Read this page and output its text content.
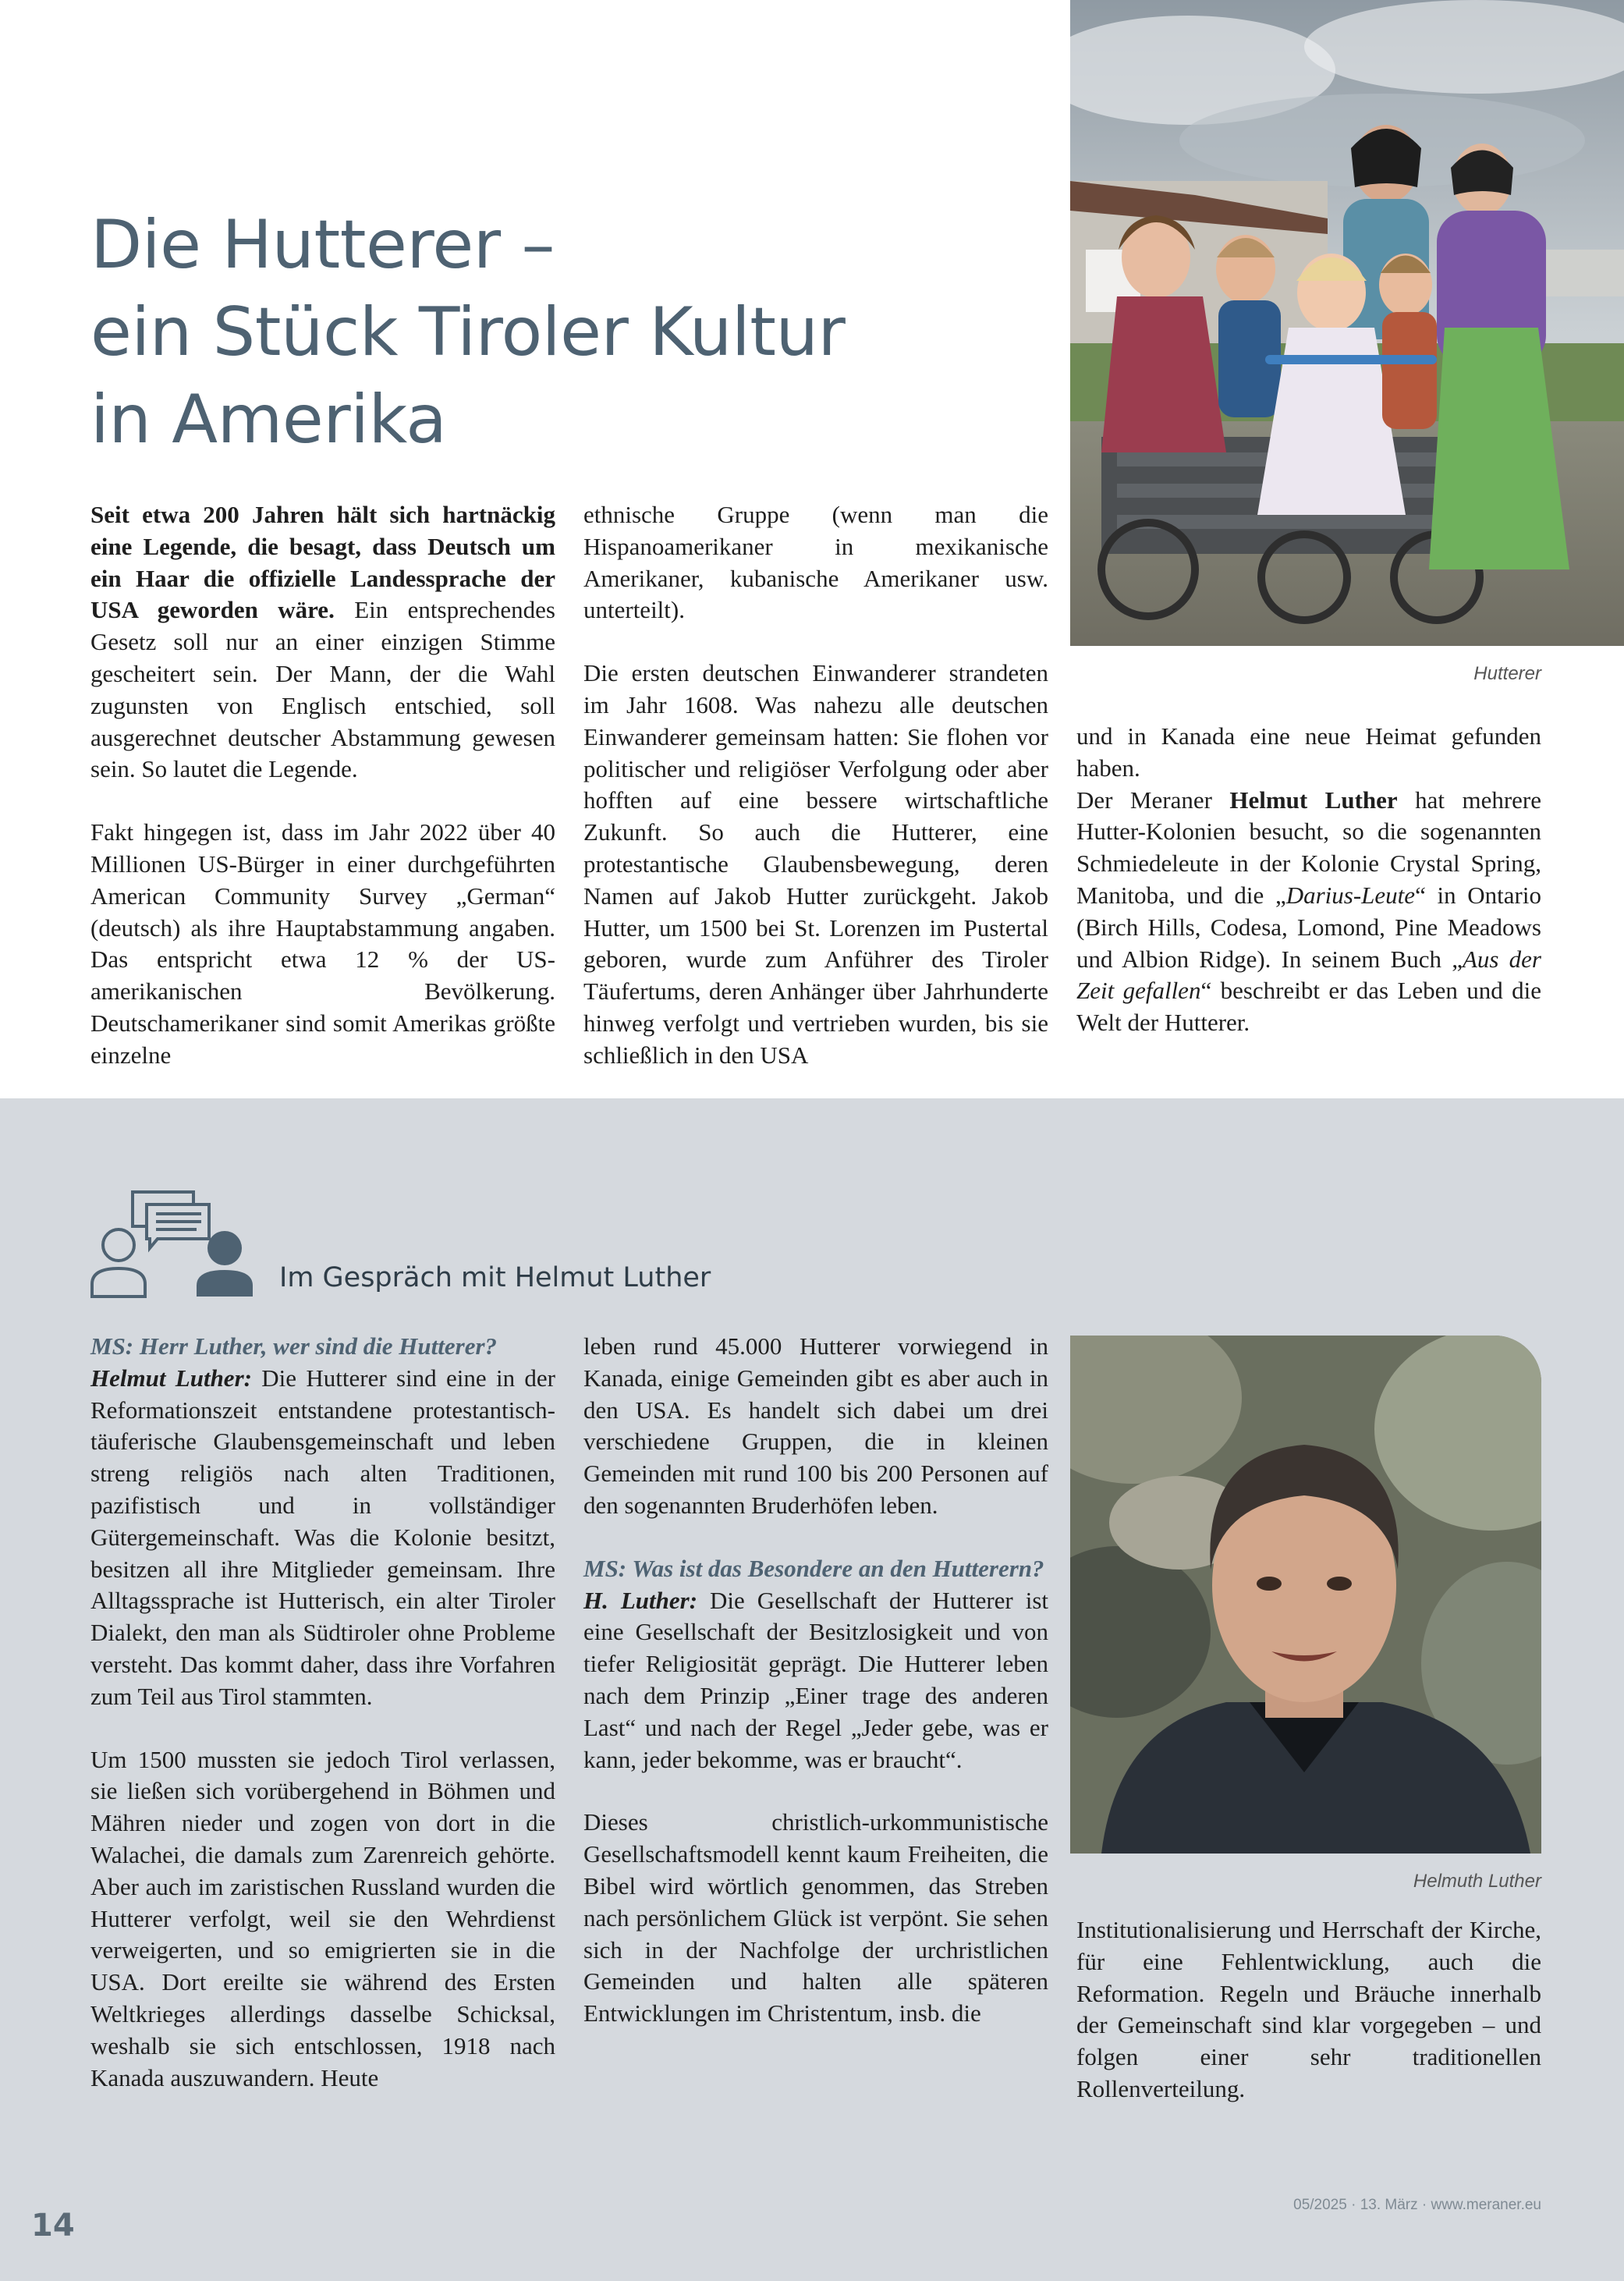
Die Hutterer –
ein Stück Tiroler Kultur
in Amerika

Seit etwa 200 Jahren hält sich hartnäckig eine Legende, die besagt, dass Deutsch um ein Haar die offizielle Landessprache der USA geworden wäre. Ein entsprechendes Gesetz soll nur an einer einzigen Stimme gescheitert sein. Der Mann, der die Wahl zugunsten von Englisch entschied, soll ausgerechnet deutscher Abstammung gewesen sein. So lautet die Legende.

Fakt hingegen ist, dass im Jahr 2022 über 40 Millionen US-Bürger in einer durchgeführten American Community Survey „German“ (deutsch) als ihre Hauptabstammung angaben. Das entspricht etwa 12 % der US-amerikanischen Bevölkerung. Deutschamerikaner sind somit Amerikas größte einzelne

ethnische Gruppe (wenn man die Hispanoamerikaner in mexikanische Amerikaner, kubanische Amerikaner usw. unterteilt).

Die ersten deutschen Einwanderer strandeten im Jahr 1608. Was nahezu alle deutschen Einwanderer gemeinsam hatten: Sie flohen vor politischer und religiöser Verfolgung oder aber hofften auf eine bessere wirtschaftliche Zukunft. So auch die Hutterer, eine protestantische Glaubensbewegung, deren Namen auf Jakob Hutter zurückgeht. Jakob Hutter, um 1500 bei St. Lorenzen im Pustertal geboren, wurde zum Anführer des Tiroler Täufertums, deren Anhänger über Jahrhunderte hinweg verfolgt und vertrieben wurden, bis sie schließlich in den USA

Hutterer

und in Kanada eine neue Heimat gefunden haben.

Der Meraner Helmut Luther hat mehrere Hutter-Kolonien besucht, so die sogenannten Schmiedeleute in der Kolonie Crystal Spring, Manitoba, und die „Darius-Leute“ in Ontario (Birch Hills, Codesa, Lomond, Pine Meadows und Albion Ridge). In seinem Buch „Aus der Zeit gefallen“ beschreibt er das Leben und die Welt der Hutterer.

Im Gespräch mit Helmut Luther

MS: Herr Luther, wer sind die Hutterer?

Helmut Luther: Die Hutterer sind eine in der Reformationszeit entstandene protestantisch-täuferische Glaubensgemeinschaft und leben streng religiös nach alten Traditionen, pazifistisch und in vollständiger Gütergemeinschaft. Was die Kolonie besitzt, besitzen all ihre Mitglieder gemeinsam. Ihre Alltagssprache ist Hutterisch, ein alter Tiroler Dialekt, den man als Südtiroler ohne Probleme versteht. Das kommt daher, dass ihre Vorfahren zum Teil aus Tirol stammten.

Um 1500 mussten sie jedoch Tirol verlassen, sie ließen sich vorübergehend in Böhmen und Mähren nieder und zogen von dort in die Walachei, die damals zum Zarenreich gehörte. Aber auch im zaristischen Russland wurden die Hutterer verfolgt, weil sie den Wehrdienst verweigerten, und so emigrierten sie in die USA. Dort ereilte sie während des Ersten Weltkrieges allerdings dasselbe Schicksal, weshalb sie sich entschlossen, 1918 nach Kanada auszuwandern. Heute

leben rund 45.000 Hutterer vorwiegend in Kanada, einige Gemeinden gibt es aber auch in den USA. Es handelt sich dabei um drei verschiedene Gruppen, die in kleinen Gemeinden mit rund 100 bis 200 Personen auf den sogenannten Bruderhöfen leben.

MS: Was ist das Besondere an den Hutterern?

H. Luther: Die Gesellschaft der Hutterer ist eine Gesellschaft der Besitzlosigkeit und von tiefer Religiosität geprägt. Die Hutterer leben nach dem Prinzip „Einer trage des anderen Last“ und nach der Regel „Jeder gebe, was er kann, jeder bekomme, was er braucht“.

Dieses christlich-urkommunistische Gesellschaftsmodell kennt kaum Freiheiten, die Bibel wird wörtlich genommen, das Streben nach persönlichem Glück ist verpönt. Sie sehen sich in der Nachfolge der urchristlichen Gemeinden und halten alle späteren Entwicklungen im Christentum, insb. die

Helmuth Luther

Institutionalisierung und Herrschaft der Kirche, für eine Fehlentwicklung, auch die Reformation. Regeln und Bräuche innerhalb der Gemeinschaft sind klar vorgegeben – und folgen einer sehr traditionellen Rollenverteilung.

14
05/2025 · 13. März · www.meraner.eu
